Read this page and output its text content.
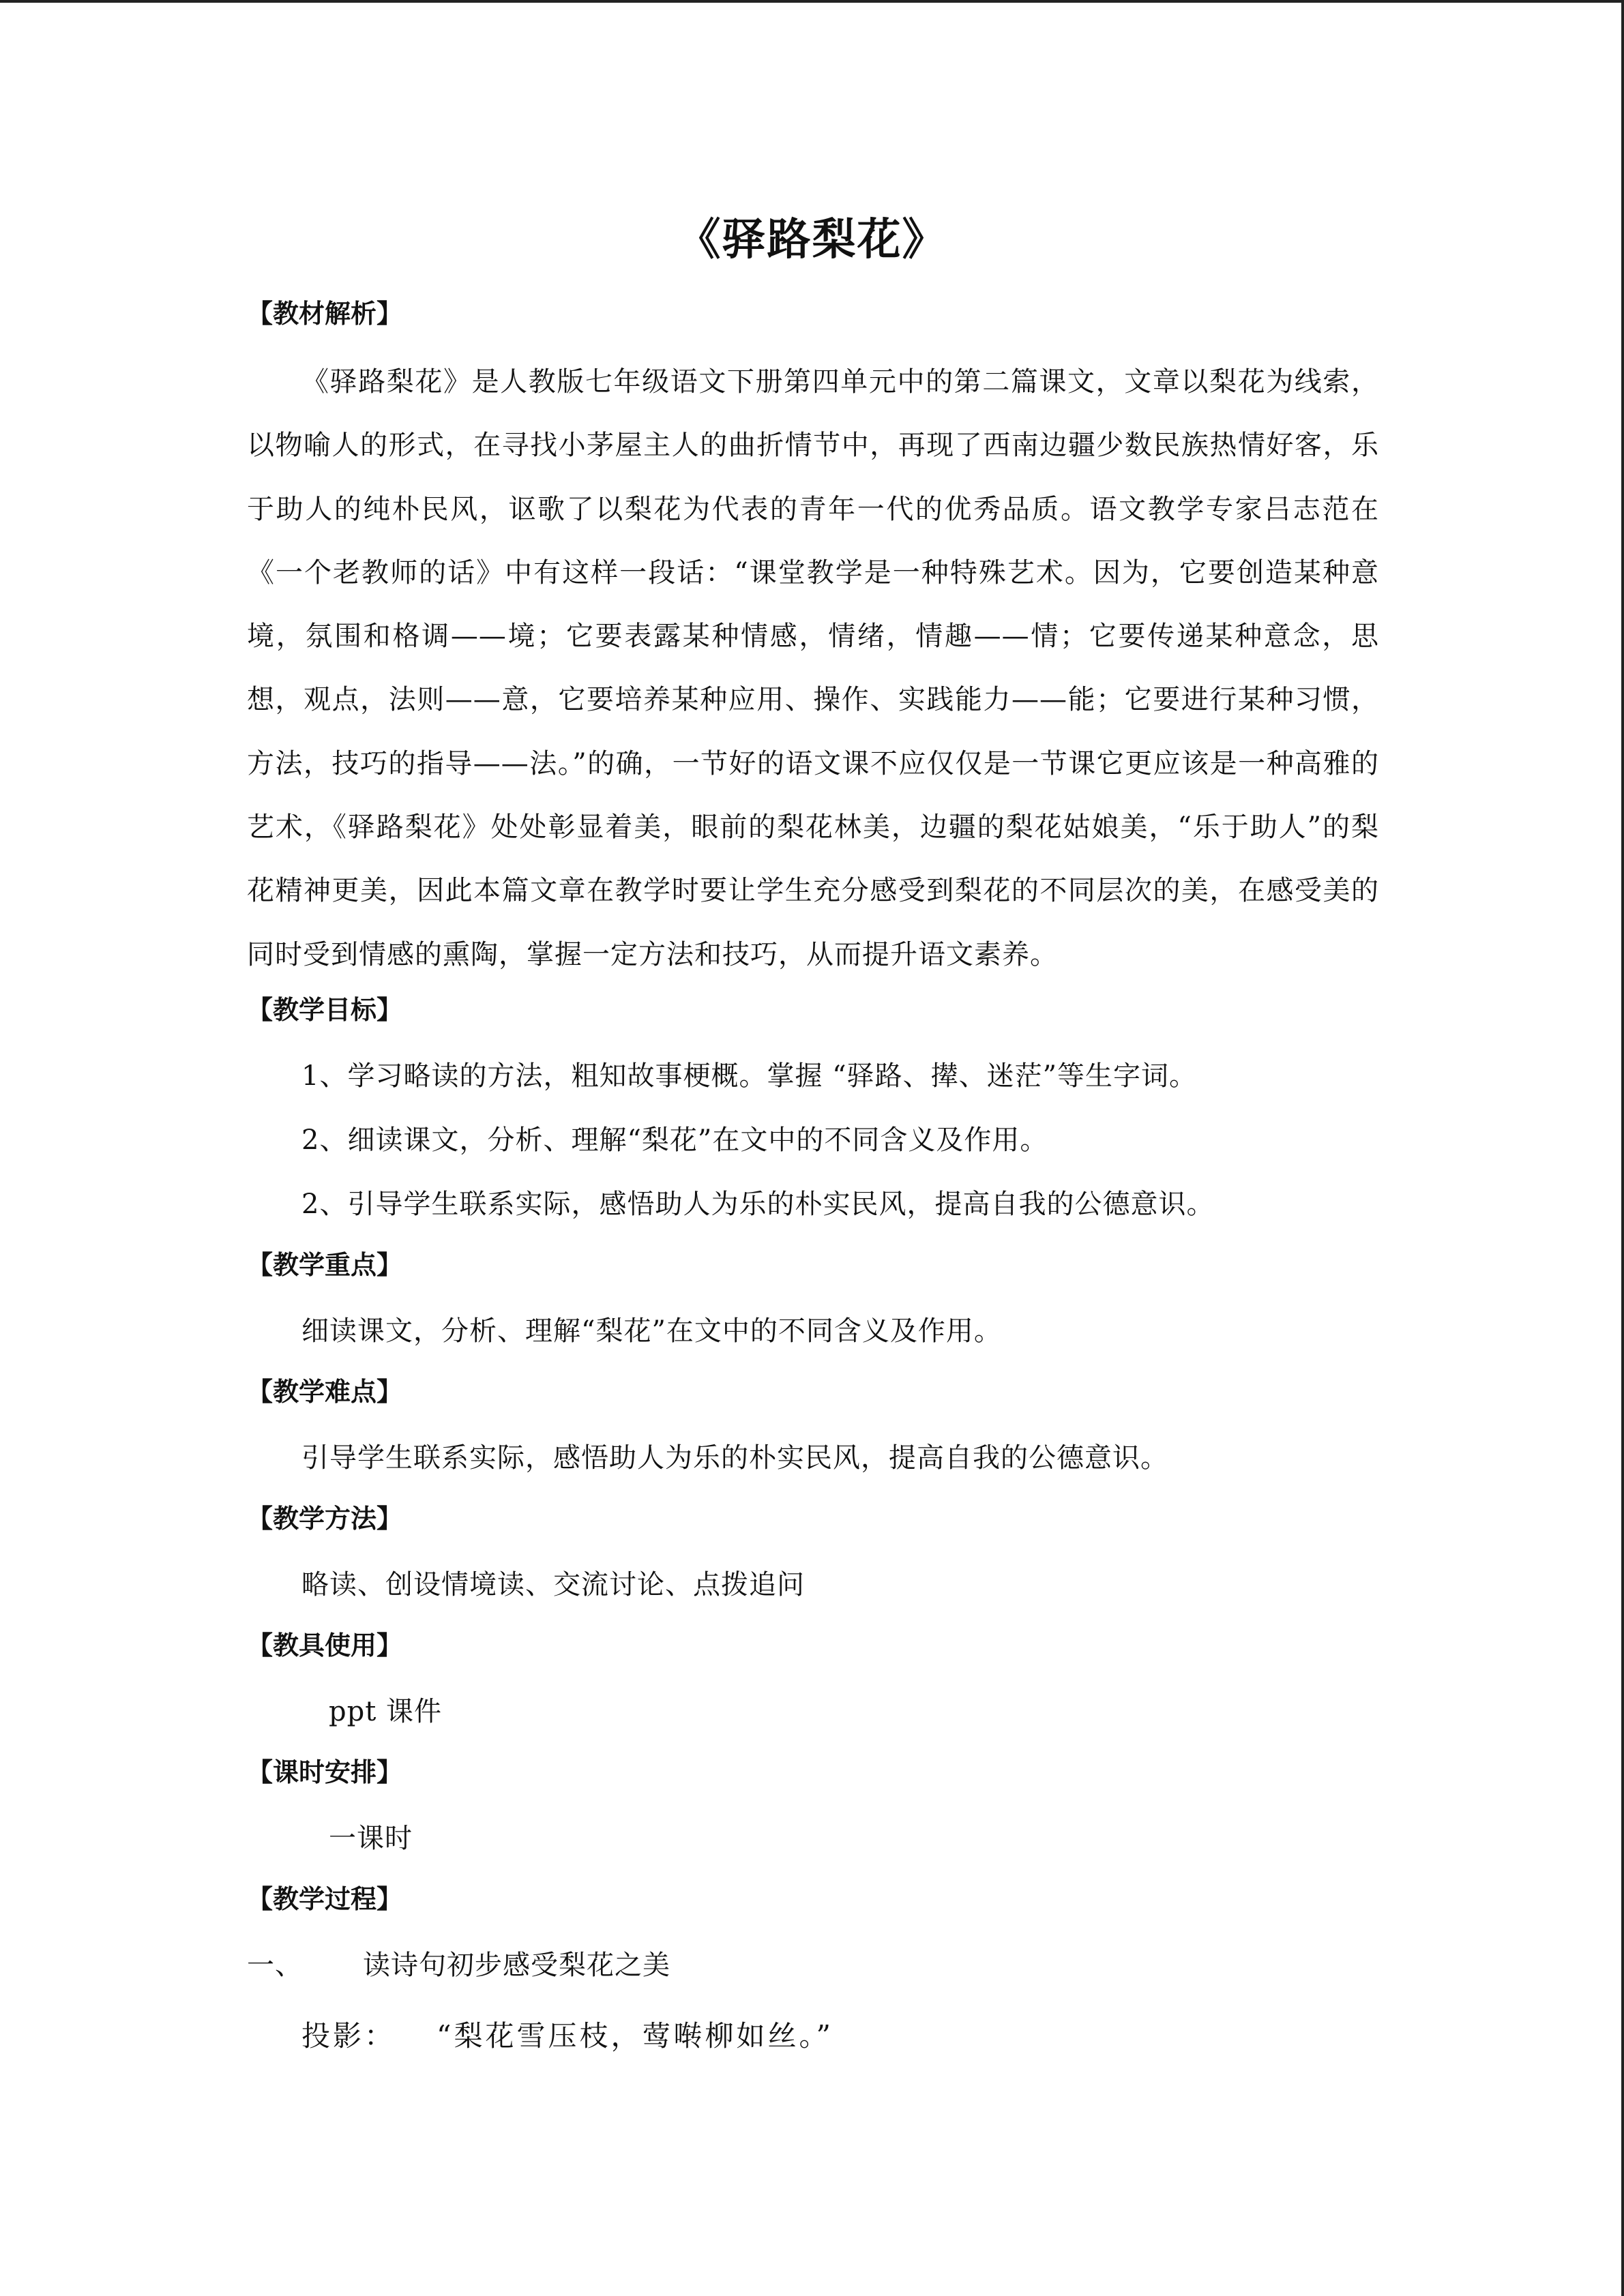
《驿路梨花》
【教材解析】
《驿路梨花》是人教版七年级语文下册第四单元中的第二篇课文，文章以梨花为线索，以物喻人的形式，在寻找小茅屋主人的曲折情节中，再现了西南边疆少数民族热情好客，乐于助人的纯朴民风，讴歌了以梨花为代表的青年一代的优秀品质。语文教学专家吕志范在《一个老教师的话》中有这样一段话：“课堂教学是一种特殊艺术。因为，它要创造某种意境，氛围和格调——境；它要表露某种情感，情绪，情趣——情；它要传递某种意念，思想，观点，法则——意，它要培养某种应用、操作、实践能力——能；它要进行某种习惯，方法，技巧的指导——法。”的确，一节好的语文课不应仅仅是一节课它更应该是一种高雅的艺术，《驿路梨花》处处彰显着美，眼前的梨花林美，边疆的梨花姑娘美，“乐于助人”的梨花精神更美，因此本篇文章在教学时要让学生充分感受到梨花的不同层次的美，在感受美的同时受到情感的熏陶，掌握一定方法和技巧，从而提升语文素养。
【教学目标】
1、学习略读的方法，粗知故事梗概。掌握 “驿路、撵、迷茫”等生字词。
2、细读课文，分析、理解“梨花”在文中的不同含义及作用。
2、引导学生联系实际，感悟助人为乐的朴实民风，提高自我的公德意识。
【教学重点】
细读课文，分析、理解“梨花”在文中的不同含义及作用。
【教学难点】
引导学生联系实际，感悟助人为乐的朴实民风，提高自我的公德意识。
【教学方法】
略读、创设情境读、交流讨论、点拨追问
【教具使用】
ppt 课件
【课时安排】
一课时
【教学过程】
一、	读诗句初步感受梨花之美
投影： “梨花雪压枝，莺啭柳如丝。”
